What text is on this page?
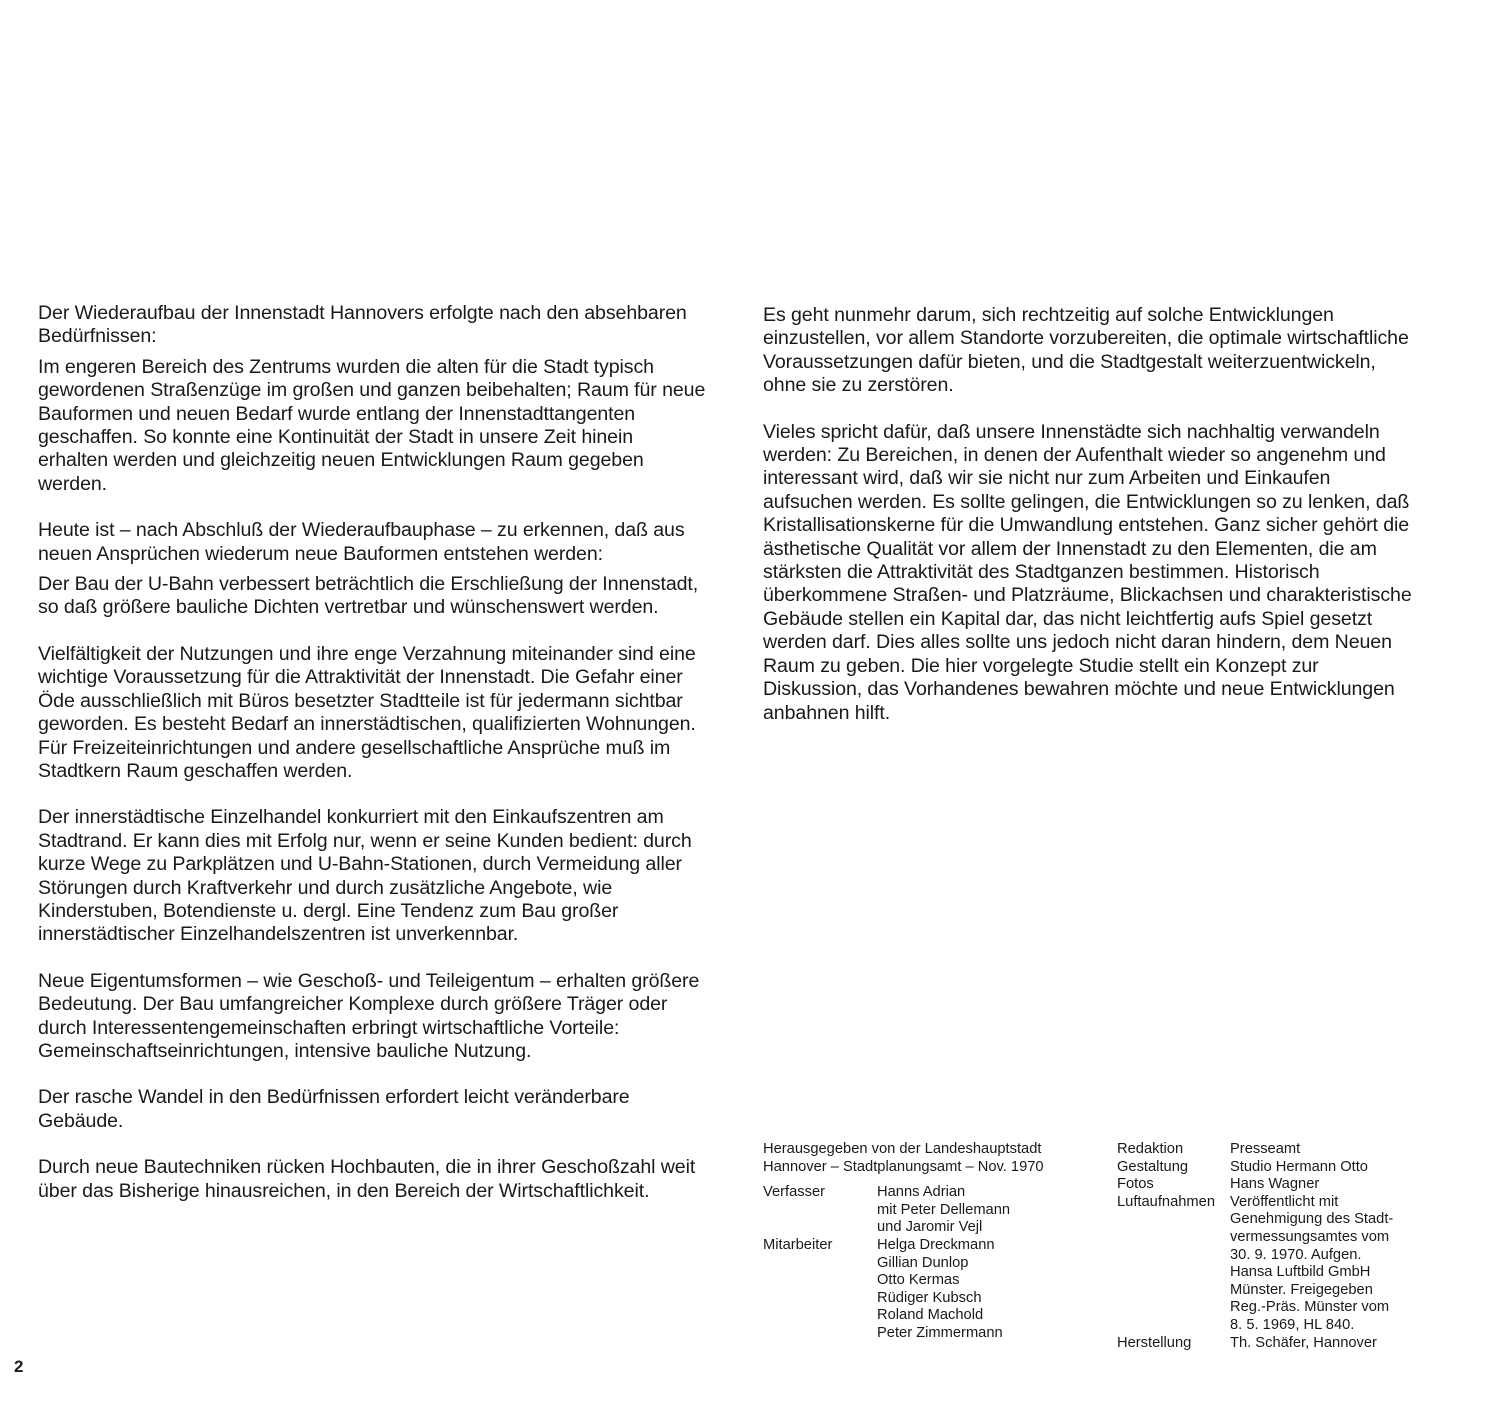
Der Wiederaufbau der Innenstadt Hannovers erfolgte nach den absehbaren Bedürfnissen:

Im engeren Bereich des Zentrums wurden die alten für die Stadt typisch gewordenen Straßenzüge im großen und ganzen beibehalten; Raum für neue Bauformen und neuen Bedarf wurde entlang der Innenstadttangenten geschaffen. So konnte eine Kontinuität der Stadt in unsere Zeit hinein erhalten werden und gleichzeitig neuen Entwicklungen Raum gegeben werden.

Heute ist – nach Abschluß der Wiederaufbauphase – zu erkennen, daß aus neuen Ansprüchen wiederum neue Bauformen entstehen werden:

Der Bau der U-Bahn verbessert beträchtlich die Erschließung der Innenstadt, so daß größere bauliche Dichten vertretbar und wünschenswert werden.

Vielfältigkeit der Nutzungen und ihre enge Verzahnung miteinander sind eine wichtige Voraussetzung für die Attraktivität der Innenstadt. Die Gefahr einer Öde ausschließlich mit Büros besetzter Stadtteile ist für jedermann sichtbar geworden. Es besteht Bedarf an innerstädtischen, qualifizierten Wohnungen. Für Freizeiteinrichtungen und andere gesellschaftliche Ansprüche muß im Stadtkern Raum geschaffen werden.

Der innerstädtische Einzelhandel konkurriert mit den Einkaufszentren am Stadtrand. Er kann dies mit Erfolg nur, wenn er seine Kunden bedient: durch kurze Wege zu Parkplätzen und U-Bahn-Stationen, durch Vermeidung aller Störungen durch Kraftverkehr und durch zusätzliche Angebote, wie Kinderstuben, Botendienste u. dergl. Eine Tendenz zum Bau großer innerstädtischer Einzelhandelszentren ist unverkennbar.

Neue Eigentumsformen – wie Geschoß- und Teileigentum – erhalten größere Bedeutung. Der Bau umfangreicher Komplexe durch größere Träger oder durch Interessentengemeinschaften erbringt wirtschaftliche Vorteile: Gemeinschaftseinrichtungen, intensive bauliche Nutzung.

Der rasche Wandel in den Bedürfnissen erfordert leicht veränderbare Gebäude.

Durch neue Bautechniken rücken Hochbauten, die in ihrer Geschoßzahl weit über das Bisherige hinausreichen, in den Bereich der Wirtschaftlichkeit.

Es geht nunmehr darum, sich rechtzeitig auf solche Entwicklungen einzustellen, vor allem Standorte vorzubereiten, die optimale wirtschaftliche Voraussetzungen dafür bieten, und die Stadtgestalt weiterzuentwickeln, ohne sie zu zerstören.

Vieles spricht dafür, daß unsere Innenstädte sich nachhaltig verwandeln werden: Zu Bereichen, in denen der Aufenthalt wieder so angenehm und interessant wird, daß wir sie nicht nur zum Arbeiten und Einkaufen aufsuchen werden. Es sollte gelingen, die Entwicklungen so zu lenken, daß Kristallisationskerne für die Umwandlung entstehen. Ganz sicher gehört die ästhetische Qualität vor allem der Innenstadt zu den Elementen, die am stärksten die Attraktivität des Stadtganzen bestimmen. Historisch überkommene Straßen- und Platzräume, Blickachsen und charakteristische Gebäude stellen ein Kapital dar, das nicht leichtfertig aufs Spiel gesetzt werden darf. Dies alles sollte uns jedoch nicht daran hindern, dem Neuen Raum zu geben. Die hier vorgelegte Studie stellt ein Konzept zur Diskussion, das Vorhandenes bewahren möchte und neue Entwicklungen anbahnen hilft.

Herausgegeben von der Landeshauptstadt
Hannover – Stadtplanungsamt – Nov. 1970
Verfasser	Hanns Adrian
mit Peter Dellemann
und Jaromir Vejl
Mitarbeiter	Helga Dreckmann
Gillian Dunlop
Otto Kermas
Rüdiger Kubsch
Roland Machold
Peter Zimmermann
Redaktion	Presseamt
Gestaltung	Studio Hermann Otto
Fotos	Hans Wagner
Luftaufnahmen	Veröffentlicht mit
Genehmigung des Stadt-
vermessungsamtes vom
30. 9. 1970. Aufgen.
Hansa Luftbild GmbH
Münster. Freigegeben
Reg.-Präs. Münster vom
8. 5. 1969, HL 840.
Herstellung	Th. Schäfer, Hannover
2
